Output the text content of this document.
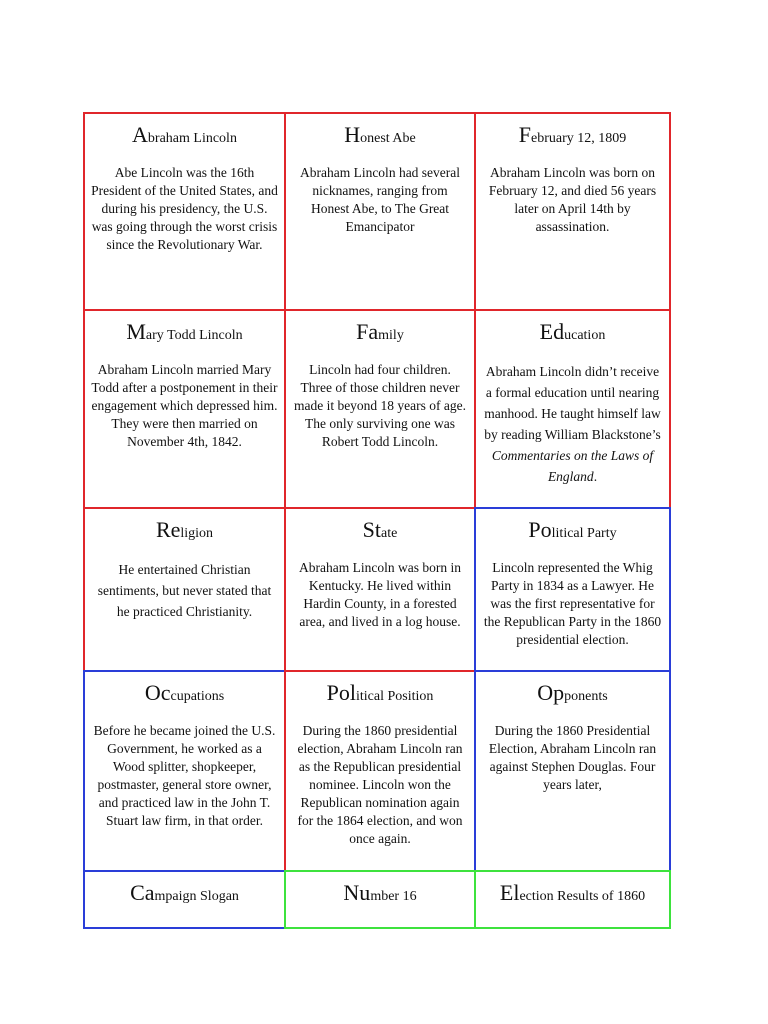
Abraham Lincoln
Abe Lincoln was the 16th President of the United States, and during his presidency, the U.S. was going through the worst crisis since the Revolutionary War.
Honest Abe
Abraham Lincoln had several nicknames, ranging from Honest Abe, to The Great Emancipator
February 12, 1809
Abraham Lincoln was born on February 12, and died 56 years later on April 14th by assassination.
Mary Todd Lincoln
Abraham Lincoln married Mary Todd after a postponement in their engagement which depressed him. They were then married on November 4th, 1842.
Family
Lincoln had four children. Three of those children never made it beyond 18 years of age. The only surviving one was Robert Todd Lincoln.
Education
Abraham Lincoln didn’t receive a formal education until nearing manhood. He taught himself law by reading William Blackstone’s Commentaries on the Laws of England.
Religion
He entertained Christian sentiments, but never stated that he practiced Christianity.
State
Abraham Lincoln was born in Kentucky. He lived within Hardin County, in a forested area, and lived in a log house.
Political Party
Lincoln represented the Whig Party in 1834 as a Lawyer. He was the first representative for the Republican Party in the 1860 presidential election.
Occupations
Before he became joined the U.S. Government, he worked as a Wood splitter, shopkeeper, postmaster, general store owner, and practiced law in the John T. Stuart law firm, in that order.
Political Position
During the 1860 presidential election, Abraham Lincoln ran as the Republican presidential nominee. Lincoln won the Republican nomination again for the 1864 election, and won once again.
Opponents
During the 1860 Presidential Election, Abraham Lincoln ran against Stephen Douglas. Four years later,
Campaign Slogan	Number 16	Election Results of 1860
